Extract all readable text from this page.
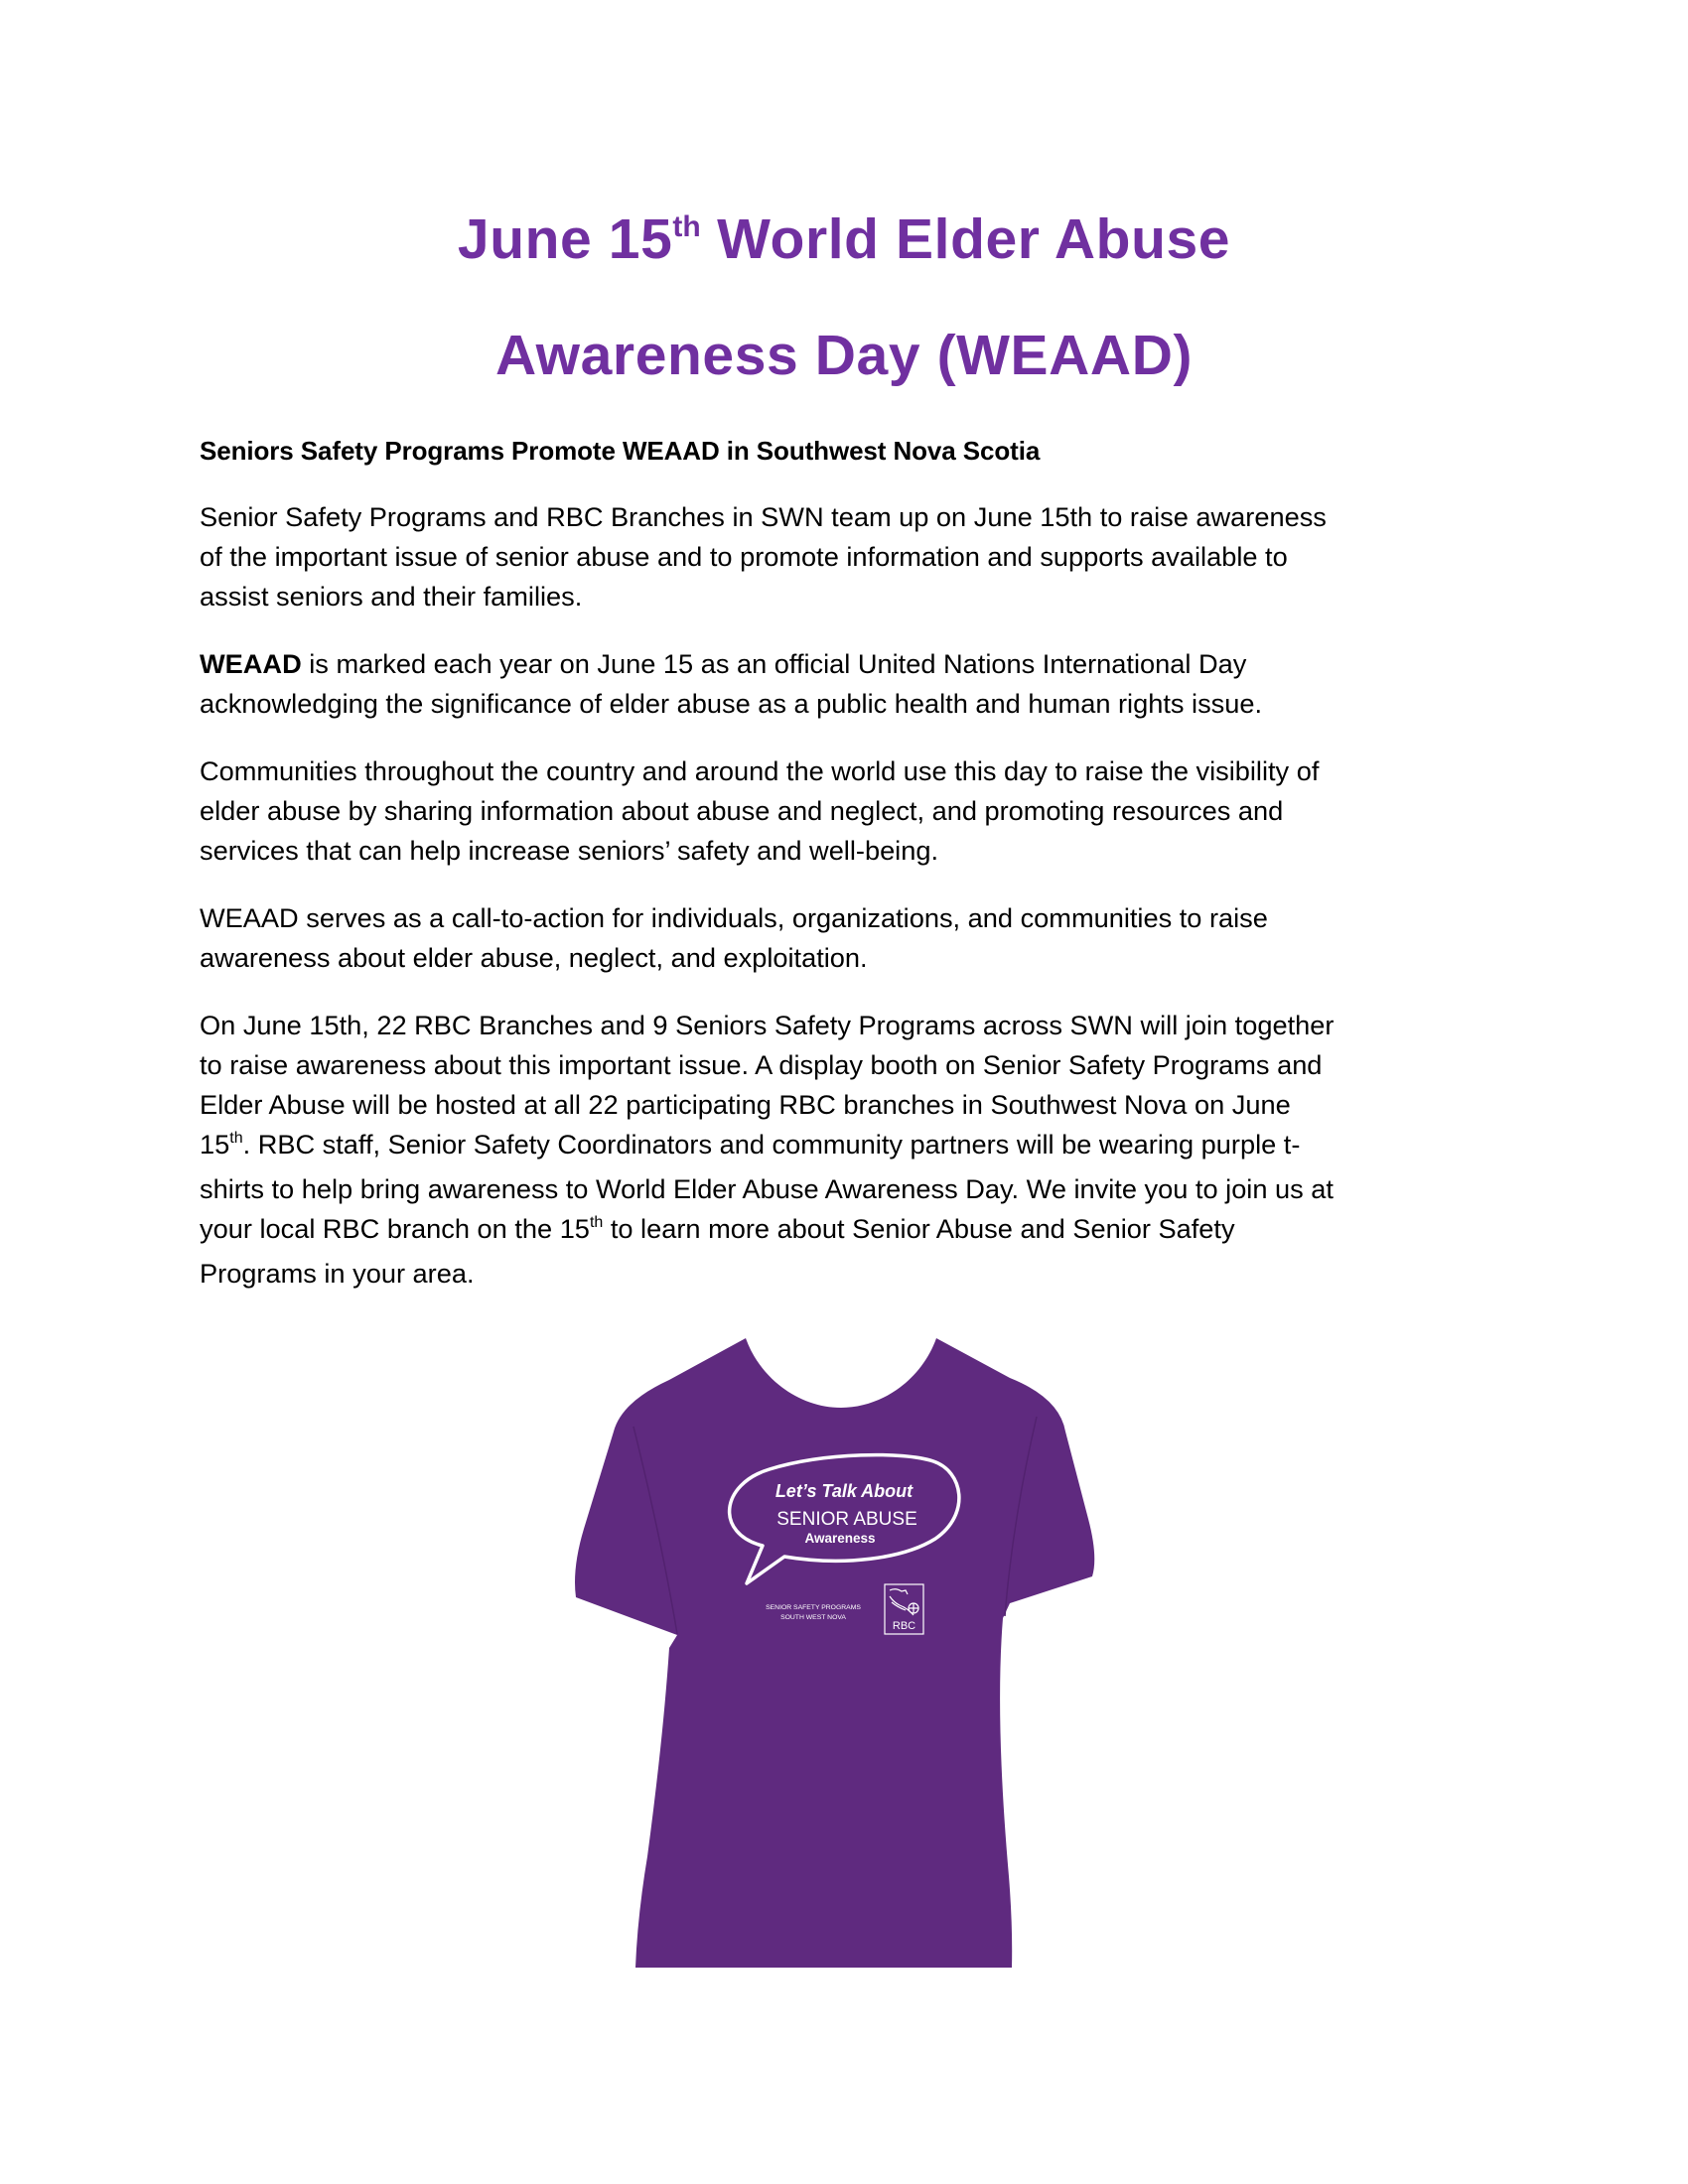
June 15th World Elder Abuse
Awareness Day (WEAAD)
Seniors Safety Programs Promote WEAAD in Southwest Nova Scotia

Senior Safety Programs and RBC Branches in SWN team up on June 15th to raise awareness
of the important issue of senior abuse and to promote information and supports available to
assist seniors and their families.

WEAAD is marked each year on June 15 as an official United Nations International Day
acknowledging the significance of elder abuse as a public health and human rights issue.

Communities throughout the country and around the world use this day to raise the visibility of
elder abuse by sharing information about abuse and neglect, and promoting resources and
services that can help increase seniors’ safety and well-being.

WEAAD serves as a call-to-action for individuals, organizations, and communities to raise
awareness about elder abuse, neglect, and exploitation.

On June 15th, 22 RBC Branches and 9 Seniors Safety Programs across SWN will join together
to raise awareness about this important issue. A display booth on Senior Safety Programs and
Elder Abuse will be hosted at all 22 participating RBC branches in Southwest Nova on June
15th. RBC staff, Senior Safety Coordinators and community partners will be wearing purple t-
shirts to help bring awareness to World Elder Abuse Awareness Day. We invite you to join us at
your local RBC branch on the 15th to learn more about Senior Abuse and Senior Safety
Programs in your area.

Let’s Talk About
SENIOR ABUSE
Awareness
SENIOR SAFETY PROGRAMS
SOUTH WEST NOVA
RBC
